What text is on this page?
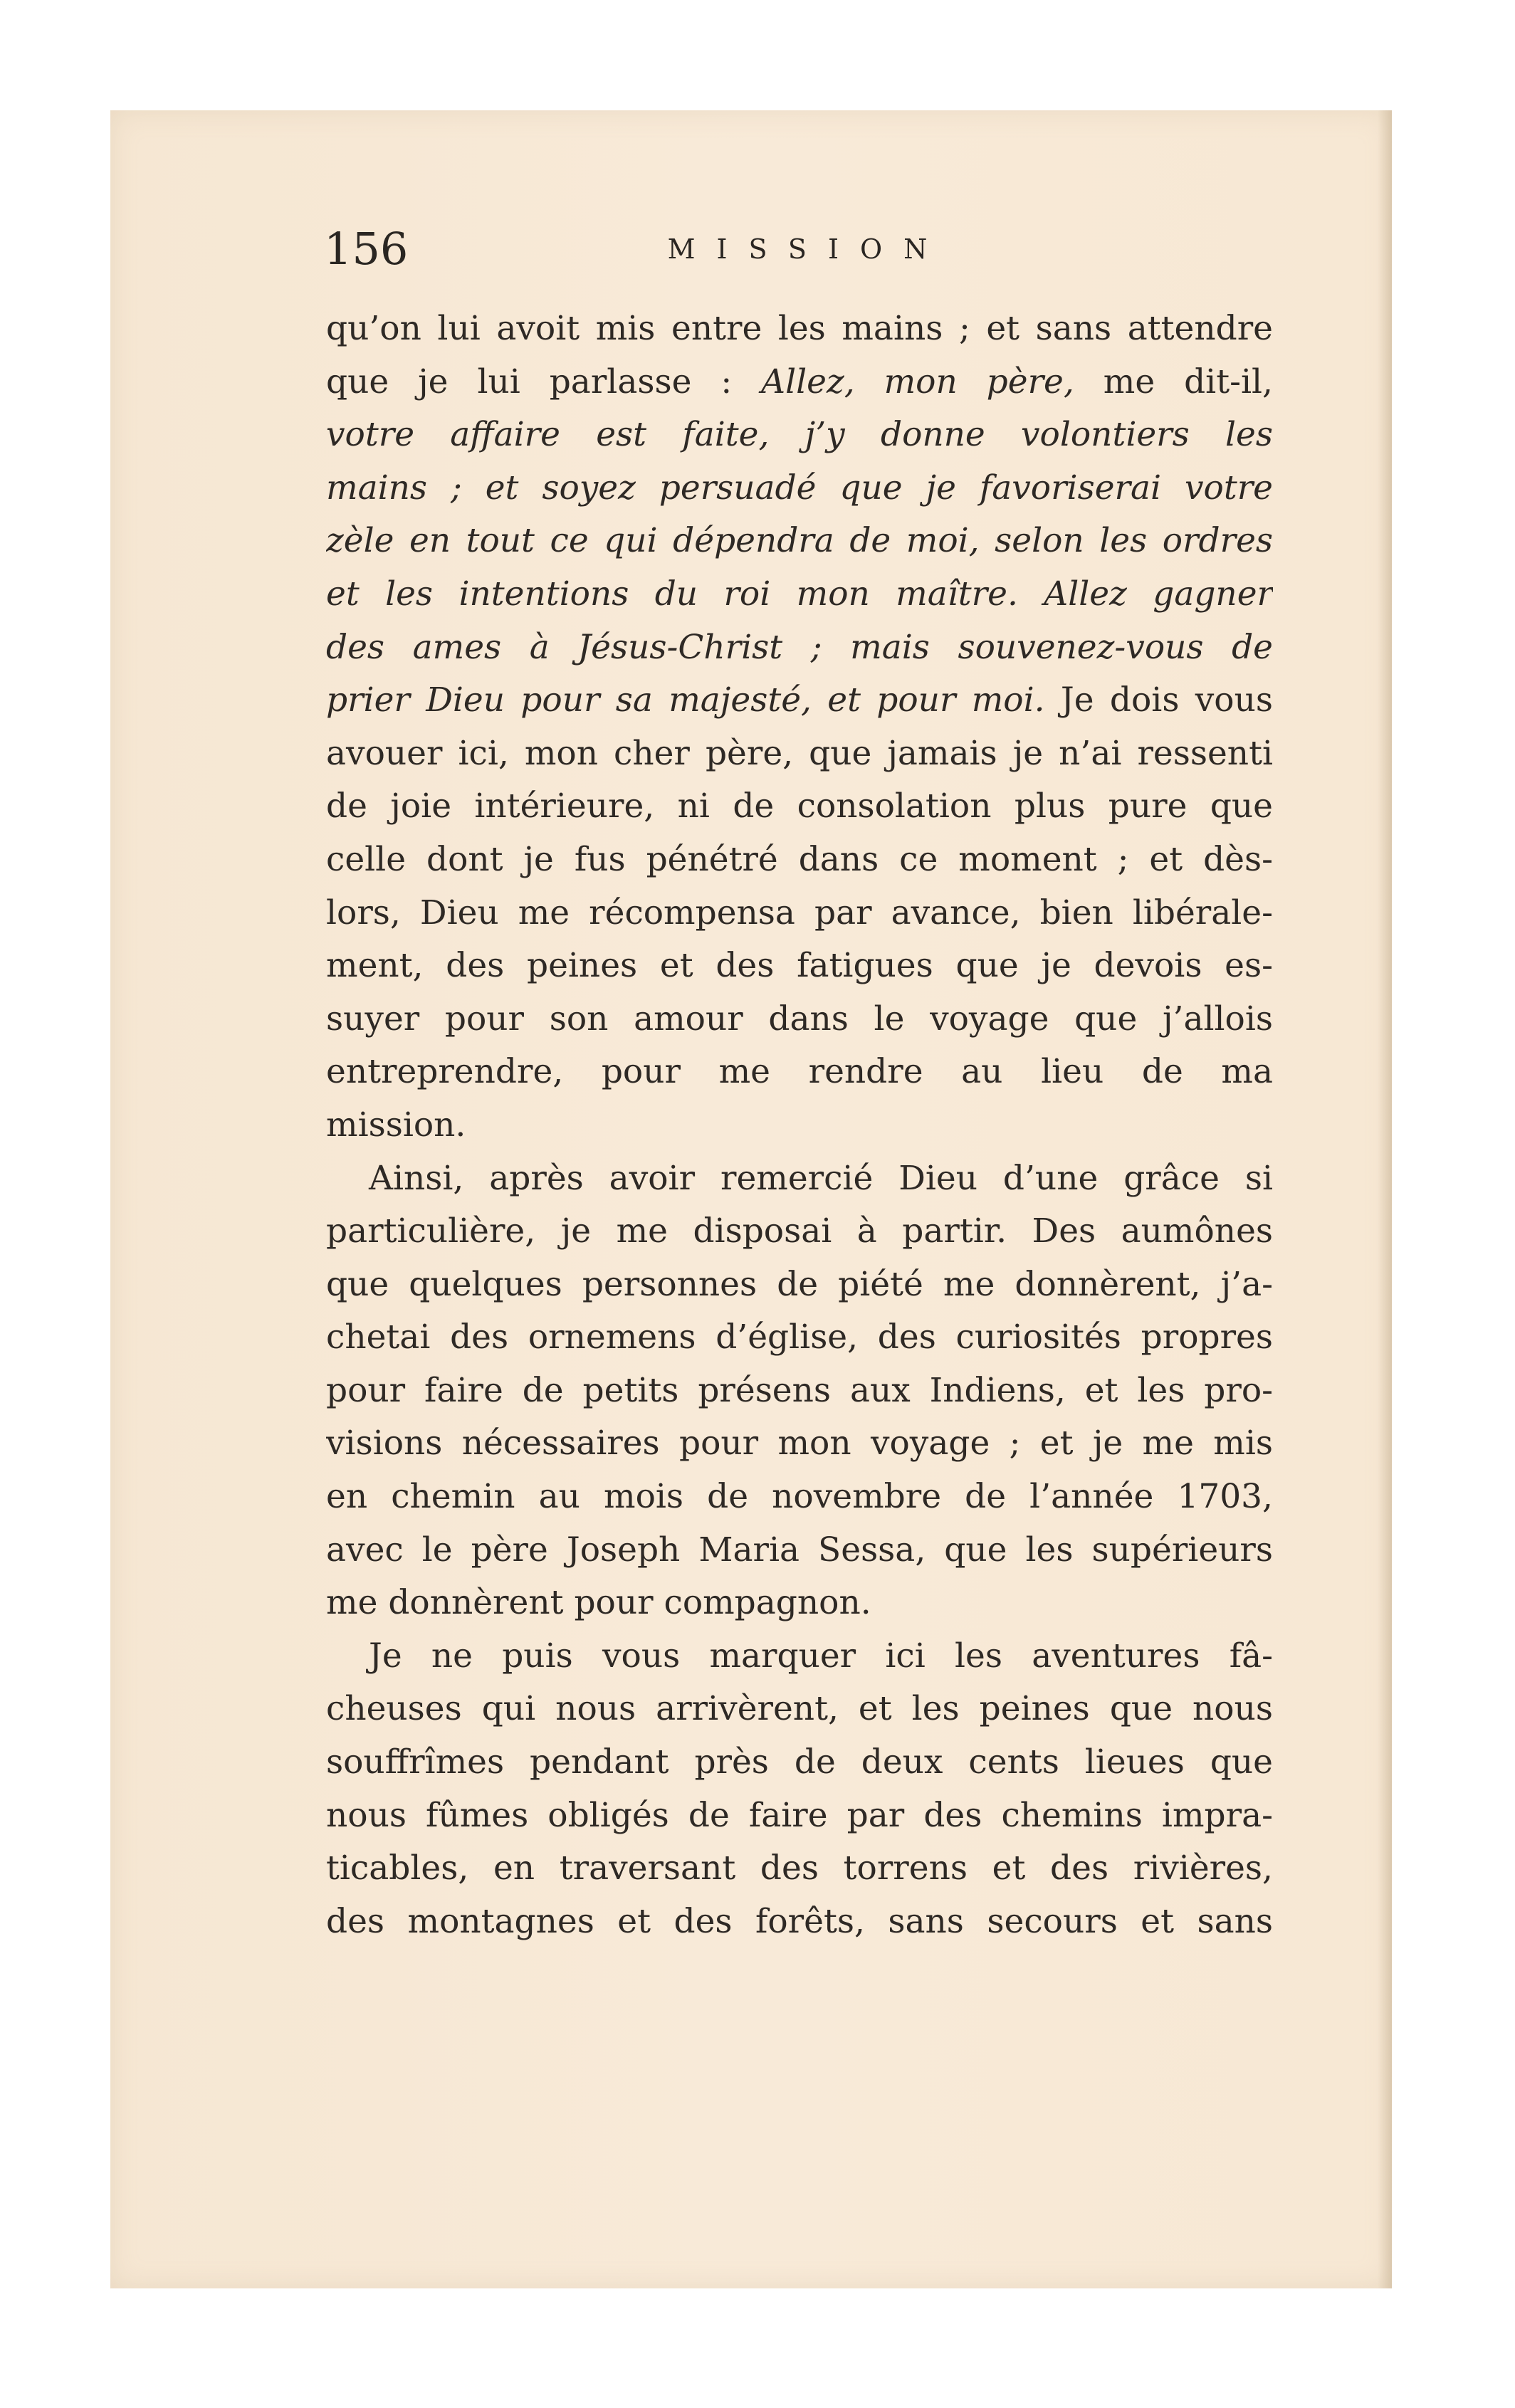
156	MISSION
qu’on lui avoit mis entre les mains ; et sans attendre
que je lui parlasse : Allez, mon père, me dit-il,
votre affaire est faite, j’y donne volontiers les
mains ; et soyez persuadé que je favoriserai votre
zèle en tout ce qui dépendra de moi, selon les ordres
et les intentions du roi mon maître. Allez gagner
des ames à Jésus-Christ ; mais souvenez-vous de
prier Dieu pour sa majesté, et pour moi. Je dois vous
avouer ici, mon cher père, que jamais je n’ai ressenti
de joie intérieure, ni de consolation plus pure que
celle dont je fus pénétré dans ce moment ; et dès-
lors, Dieu me récompensa par avance, bien libérale-
ment, des peines et des fatigues que je devois es-
suyer pour son amour dans le voyage que j’allois
entreprendre, pour me rendre au lieu de ma
mission.
Ainsi, après avoir remercié Dieu d’une grâce si
particulière, je me disposai à partir. Des aumônes
que quelques personnes de piété me donnèrent, j’a-
chetai des ornemens d’église, des curiosités propres
pour faire de petits présens aux Indiens, et les pro-
visions nécessaires pour mon voyage ; et je me mis
en chemin au mois de novembre de l’année 1703,
avec le père Joseph Maria Sessa, que les supérieurs
me donnèrent pour compagnon.
Je ne puis vous marquer ici les aventures fâ-
cheuses qui nous arrivèrent, et les peines que nous
souffrîmes pendant près de deux cents lieues que
nous fûmes obligés de faire par des chemins impra-
ticables, en traversant des torrens et des rivières,
des montagnes et des forêts, sans secours et sans
